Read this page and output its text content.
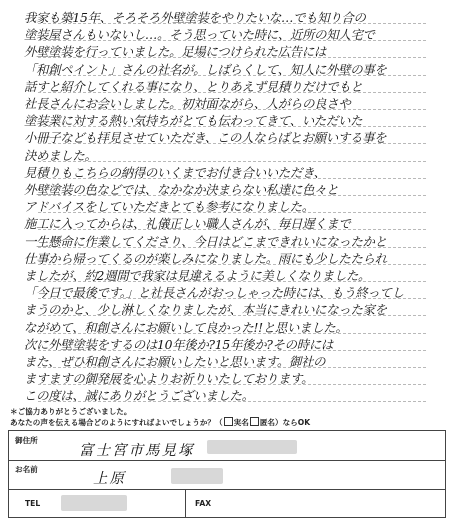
我家も築15年、そろそろ外壁塗装をやりたいな…でも知り合の
塗装屋さんもいないし…。そう思っていた時に、近所の知人宅で
外壁塗装を行っていました。足場につけられた広告には
「和創ペイント」さんの社名が。しばらくして、知人に外壁の事を
話すと紹介してくれる事になり、とりあえず見積りだけでもと
社長さんにお会いしました。初対面ながら、人がらの良さや
塗装業に対する熱い気持ちがとても伝わってきて、いただいた
小冊子なども拝見させていただき、この人ならばとお願いする事を
決めました。
見積りもこちらの納得のいくまでお付き合いいただき、
外壁塗装の色などでは、なかなか決まらない私達に色々と
アドバイスをしていただきとても参考になりました。
施工に入ってからは、礼儀正しい職人さんが、毎日遅くまで
一生懸命に作業してくださり、今日はどこまできれいになったかと
仕事から帰ってくるのが楽しみになりました。雨にも少したたられ
ましたが、約2週間で我家は見違えるように美しくなりました。
「今日で最後です。」と社長さんがおっしゃった時には、もう終ってし
まうのかと、少し淋しくなりましたが、本当にきれいになった家を
ながめて、和創さんにお願いして良かった!!と思いました。
次に外壁塗装をするのは10年後か?15年後か?その時には
また、ぜひ和創さんにお願いしたいと思います。御社の
ますますの御発展を心よりお祈りいたしております。
この度は、誠にありがとうございました。
＊ご協力ありがとうございました。
あなたの声を伝える場合どのようにすればよいでしょうか？（ 実名 匿名）ならOK
御住所
富士宮市馬見塚
お名前
上原
TEL	FAX
